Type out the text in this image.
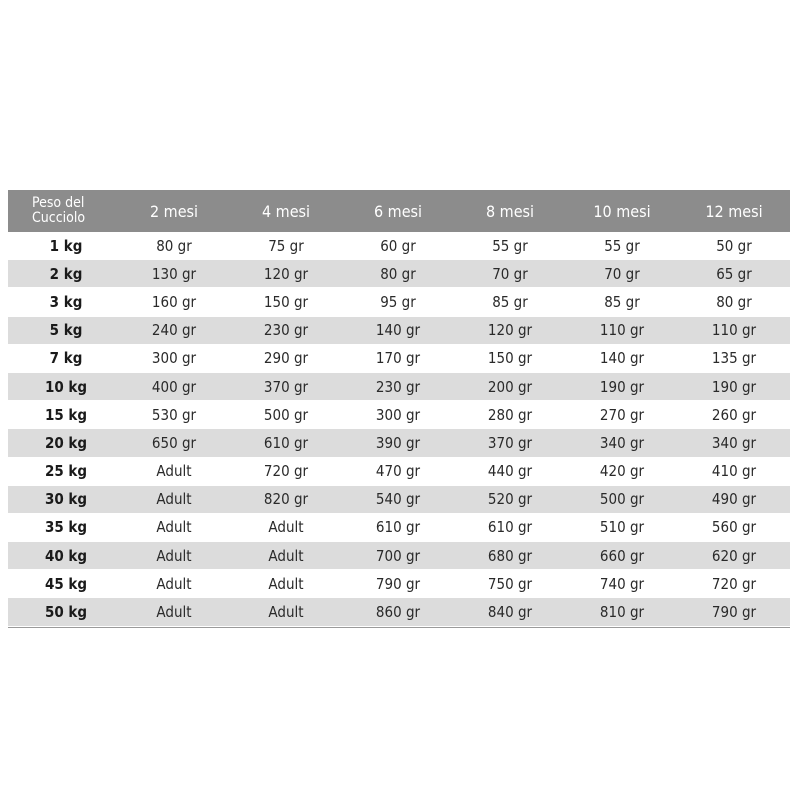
Peso del Cucciolo	2 mesi	4 mesi	6 mesi	8 mesi	10 mesi	12 mesi
1 kg	80 gr	75 gr	60 gr	55 gr	55 gr	50 gr
2 kg	130 gr	120 gr	80 gr	70 gr	70 gr	65 gr
3 kg	160 gr	150 gr	95 gr	85 gr	85 gr	80 gr
5 kg	240 gr	230 gr	140 gr	120 gr	110 gr	110 gr
7 kg	300 gr	290 gr	170 gr	150 gr	140 gr	135 gr
10 kg	400 gr	370 gr	230 gr	200 gr	190 gr	190 gr
15 kg	530 gr	500 gr	300 gr	280 gr	270 gr	260 gr
20 kg	650 gr	610 gr	390 gr	370 gr	340 gr	340 gr
25 kg	Adult	720 gr	470 gr	440 gr	420 gr	410 gr
30 kg	Adult	820 gr	540 gr	520 gr	500 gr	490 gr
35 kg	Adult	Adult	610 gr	610 gr	510 gr	560 gr
40 kg	Adult	Adult	700 gr	680 gr	660 gr	620 gr
45 kg	Adult	Adult	790 gr	750 gr	740 gr	720 gr
50 kg	Adult	Adult	860 gr	840 gr	810 gr	790 gr
